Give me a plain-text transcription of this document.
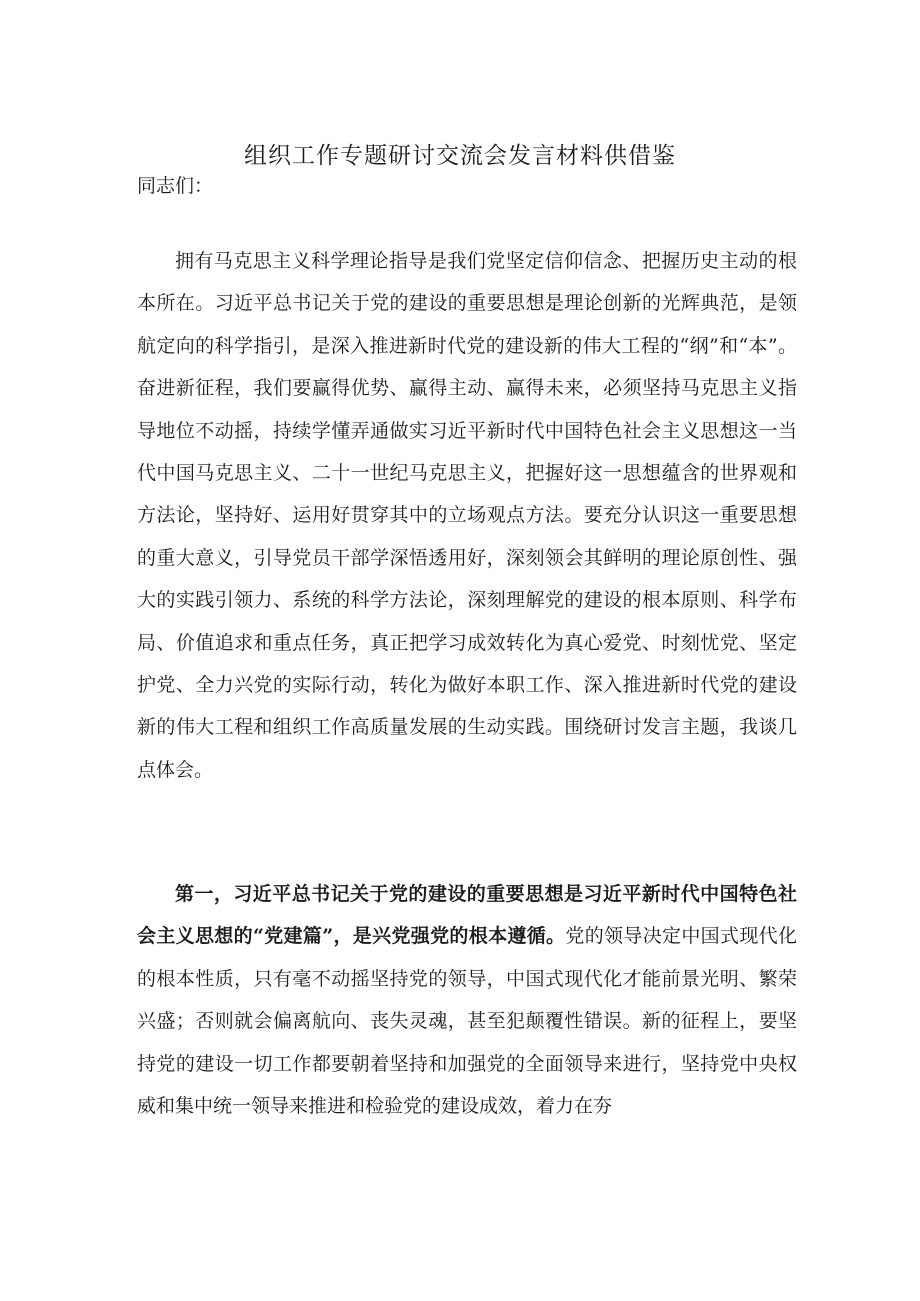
组织工作专题研讨交流会发言材料供借鉴
同志们：

拥有马克思主义科学理论指导是我们党坚定信仰信念、把握历史主动的根本所在。习近平总书记关于党的建设的重要思想是理论创新的光辉典范，是领航定向的科学指引，是深入推进新时代党的建设新的伟大工程的“纲”和“本”。奋进新征程，我们要赢得优势、赢得主动、赢得未来，必须坚持马克思主义指导地位不动摇，持续学懂弄通做实习近平新时代中国特色社会主义思想这一当代中国马克思主义、二十一世纪马克思主义，把握好这一思想蕴含的世界观和方法论，坚持好、运用好贯穿其中的立场观点方法。要充分认识这一重要思想的重大意义，引导党员干部学深悟透用好，深刻领会其鲜明的理论原创性、强大的实践引领力、系统的科学方法论，深刻理解党的建设的根本原则、科学布局、价值追求和重点任务，真正把学习成效转化为真心爱党、时刻忧党、坚定护党、全力兴党的实际行动，转化为做好本职工作、深入推进新时代党的建设新的伟大工程和组织工作高质量发展的生动实践。围绕研讨发言主题，我谈几点体会。

第一，习近平总书记关于党的建设的重要思想是习近平新时代中国特色社会主义思想的“党建篇”，是兴党强党的根本遵循。党的领导决定中国式现代化的根本性质，只有毫不动摇坚持党的领导，中国式现代化才能前景光明、繁荣兴盛；否则就会偏离航向、丧失灵魂，甚至犯颠覆性错误。新的征程上，要坚持党的建设一切工作都要朝着坚持和加强党的全面领导来进行，坚持党中央权威和集中统一领导来推进和检验党的建设成效，着力在夯
